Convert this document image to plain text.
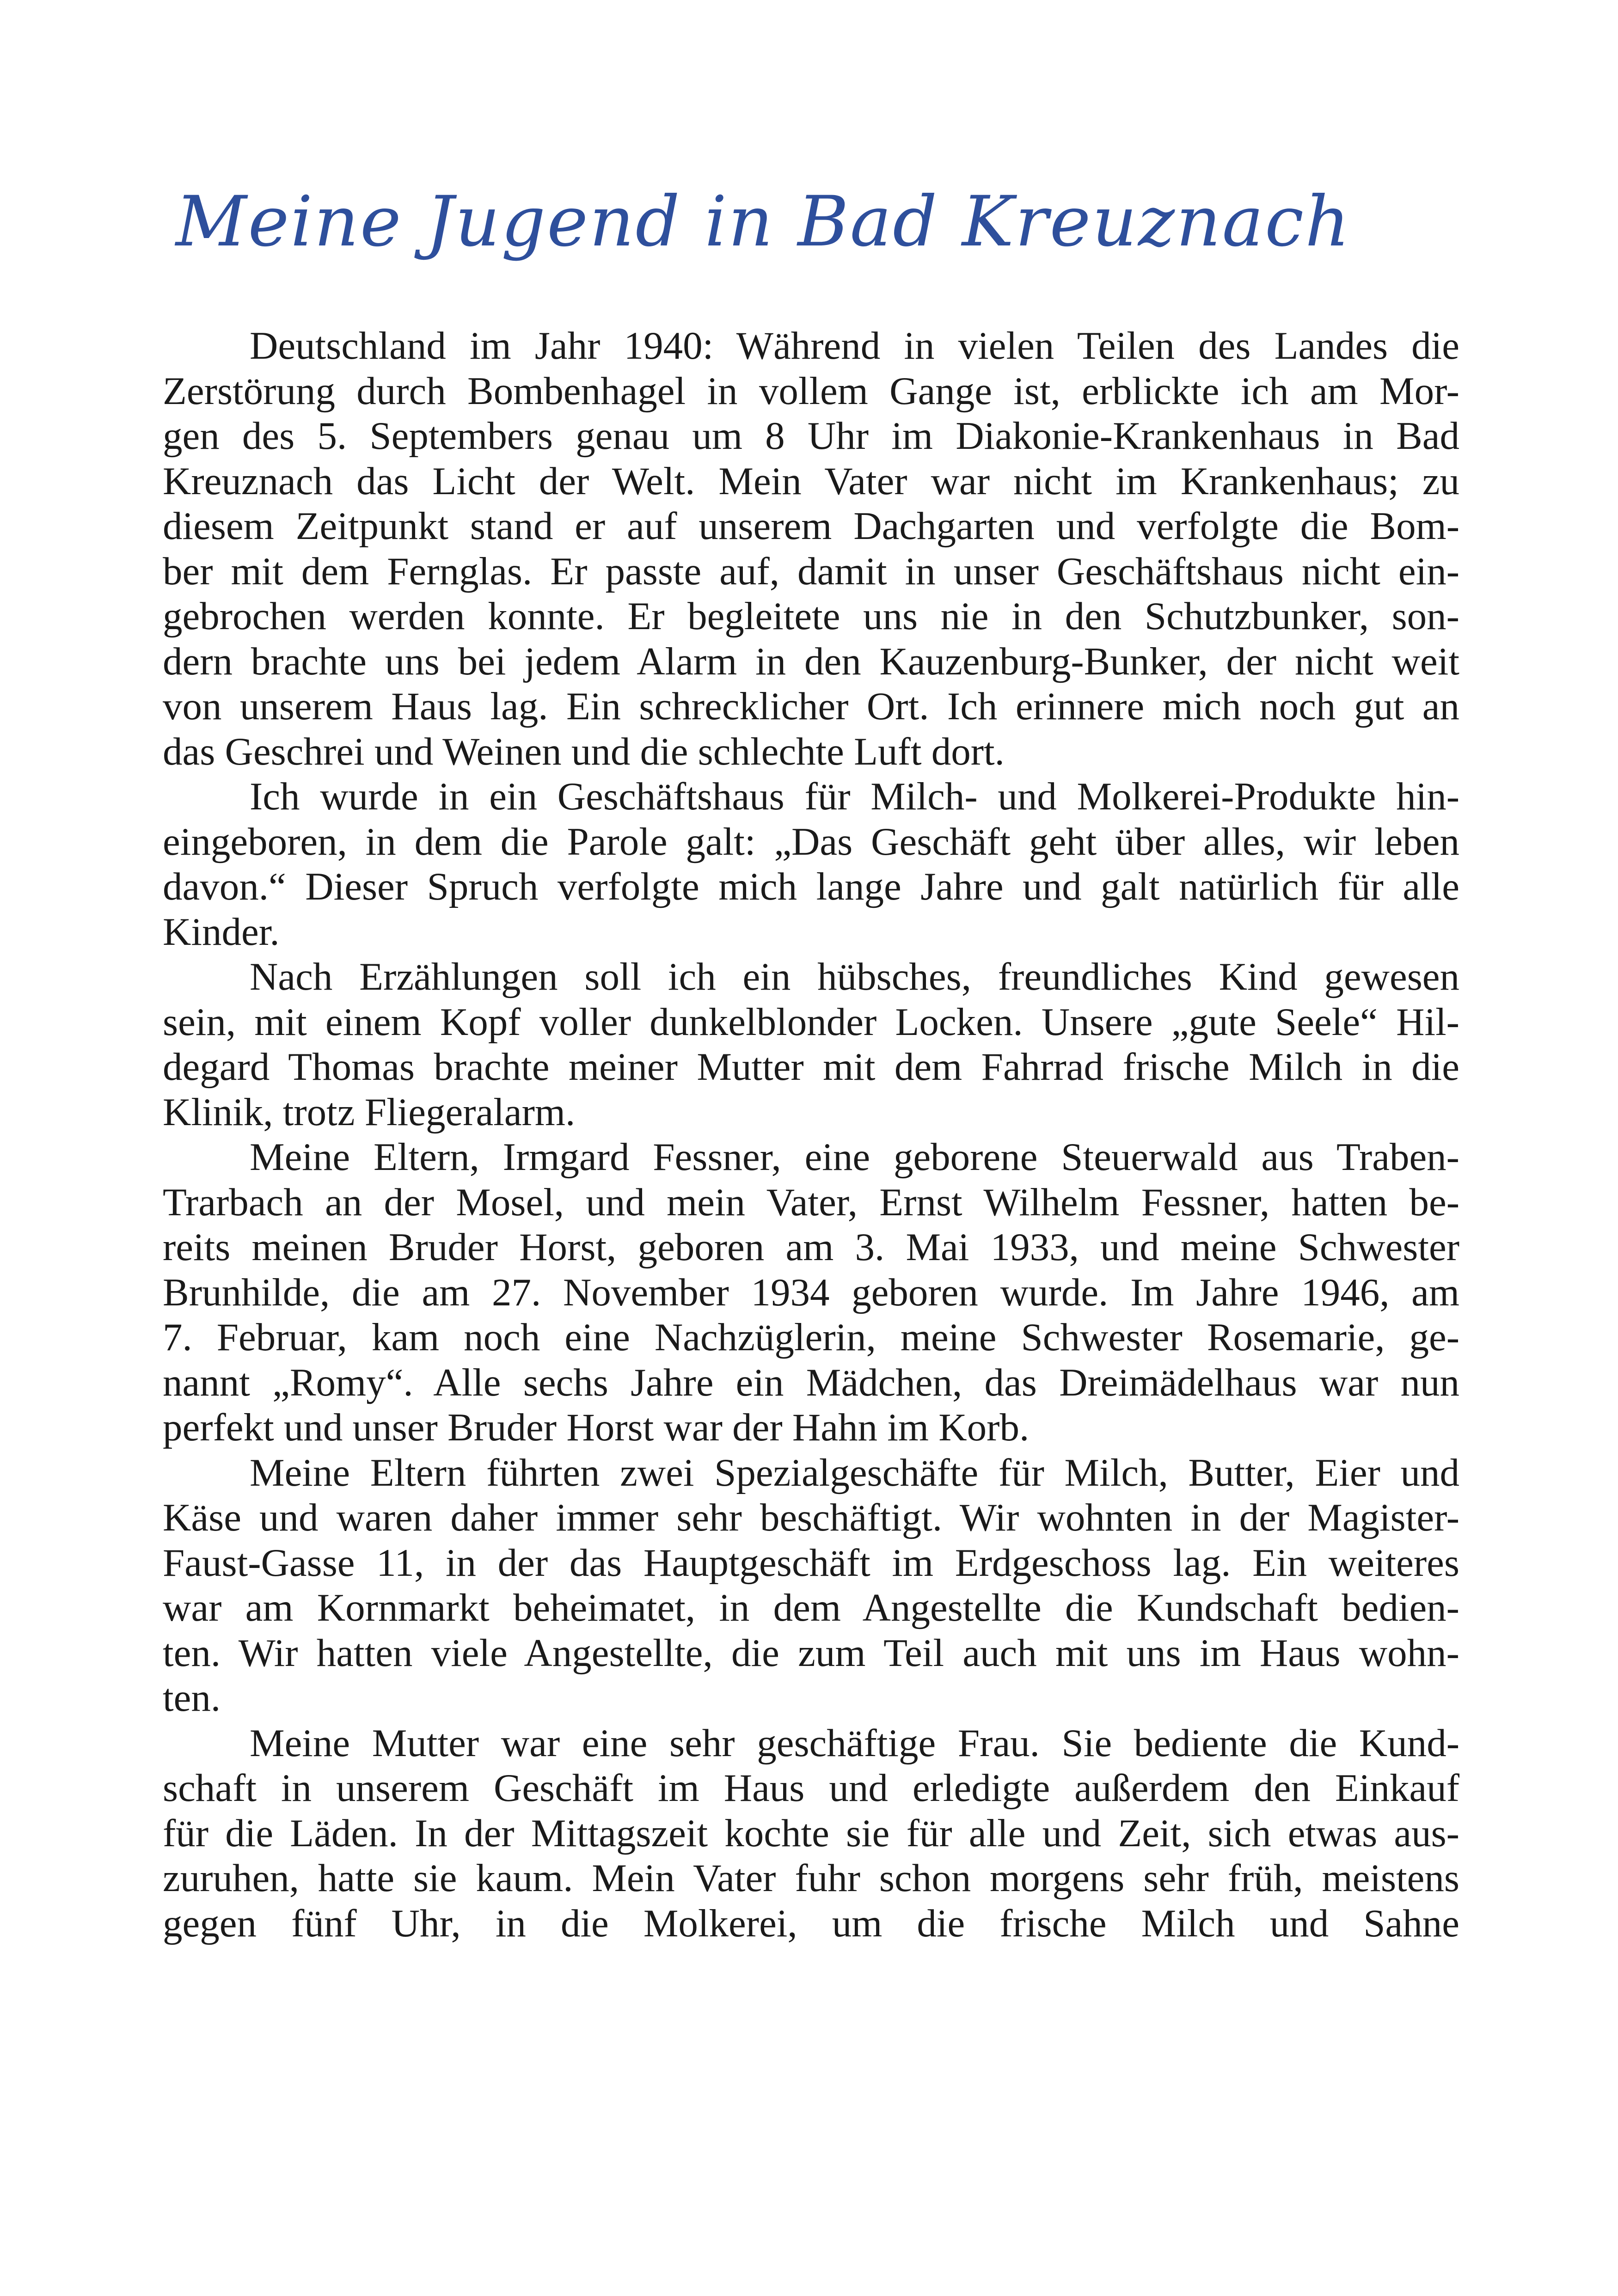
Meine Jugend in Bad Kreuznach
Deutschland im Jahr 1940: Während in vielen Teilen des Landes die
Zerstörung durch Bombenhagel in vollem Gange ist, erblickte ich am Mor-
gen des 5. Septembers genau um 8 Uhr im Diakonie-Krankenhaus in Bad
Kreuznach das Licht der Welt. Mein Vater war nicht im Krankenhaus; zu
diesem Zeitpunkt stand er auf unserem Dachgarten und verfolgte die Bom-
ber mit dem Fernglas. Er passte auf, damit in unser Geschäftshaus nicht ein-
gebrochen werden konnte. Er begleitete uns nie in den Schutzbunker, son-
dern brachte uns bei jedem Alarm in den Kauzenburg-Bunker, der nicht weit
von unserem Haus lag. Ein schrecklicher Ort. Ich erinnere mich noch gut an
das Geschrei und Weinen und die schlechte Luft dort.
Ich wurde in ein Geschäftshaus für Milch- und Molkerei-Produkte hin-
eingeboren, in dem die Parole galt: „Das Geschäft geht über alles, wir leben
davon.“ Dieser Spruch verfolgte mich lange Jahre und galt natürlich für alle
Kinder.
Nach Erzählungen soll ich ein hübsches, freundliches Kind gewesen
sein, mit einem Kopf voller dunkelblonder Locken. Unsere „gute Seele“ Hil-
degard Thomas brachte meiner Mutter mit dem Fahrrad frische Milch in die
Klinik, trotz Fliegeralarm.
Meine Eltern, Irmgard Fessner, eine geborene Steuerwald aus Traben-
Trarbach an der Mosel, und mein Vater, Ernst Wilhelm Fessner, hatten be-
reits meinen Bruder Horst, geboren am 3. Mai 1933, und meine Schwester
Brunhilde, die am 27. November 1934 geboren wurde. Im Jahre 1946, am
7. Februar, kam noch eine Nachzüglerin, meine Schwester Rosemarie, ge-
nannt „Romy“. Alle sechs Jahre ein Mädchen, das Dreimädelhaus war nun
perfekt und unser Bruder Horst war der Hahn im Korb.
Meine Eltern führten zwei Spezialgeschäfte für Milch, Butter, Eier und
Käse und waren daher immer sehr beschäftigt. Wir wohnten in der Magister-
Faust-Gasse 11, in der das Hauptgeschäft im Erdgeschoss lag. Ein weiteres
war am Kornmarkt beheimatet, in dem Angestellte die Kundschaft bedien-
ten. Wir hatten viele Angestellte, die zum Teil auch mit uns im Haus wohn-
ten.
Meine Mutter war eine sehr geschäftige Frau. Sie bediente die Kund-
schaft in unserem Geschäft im Haus und erledigte außerdem den Einkauf
für die Läden. In der Mittagszeit kochte sie für alle und Zeit, sich etwas aus-
zuruhen, hatte sie kaum. Mein Vater fuhr schon morgens sehr früh, meistens
gegen fünf Uhr, in die Molkerei, um die frische Milch und Sahne
